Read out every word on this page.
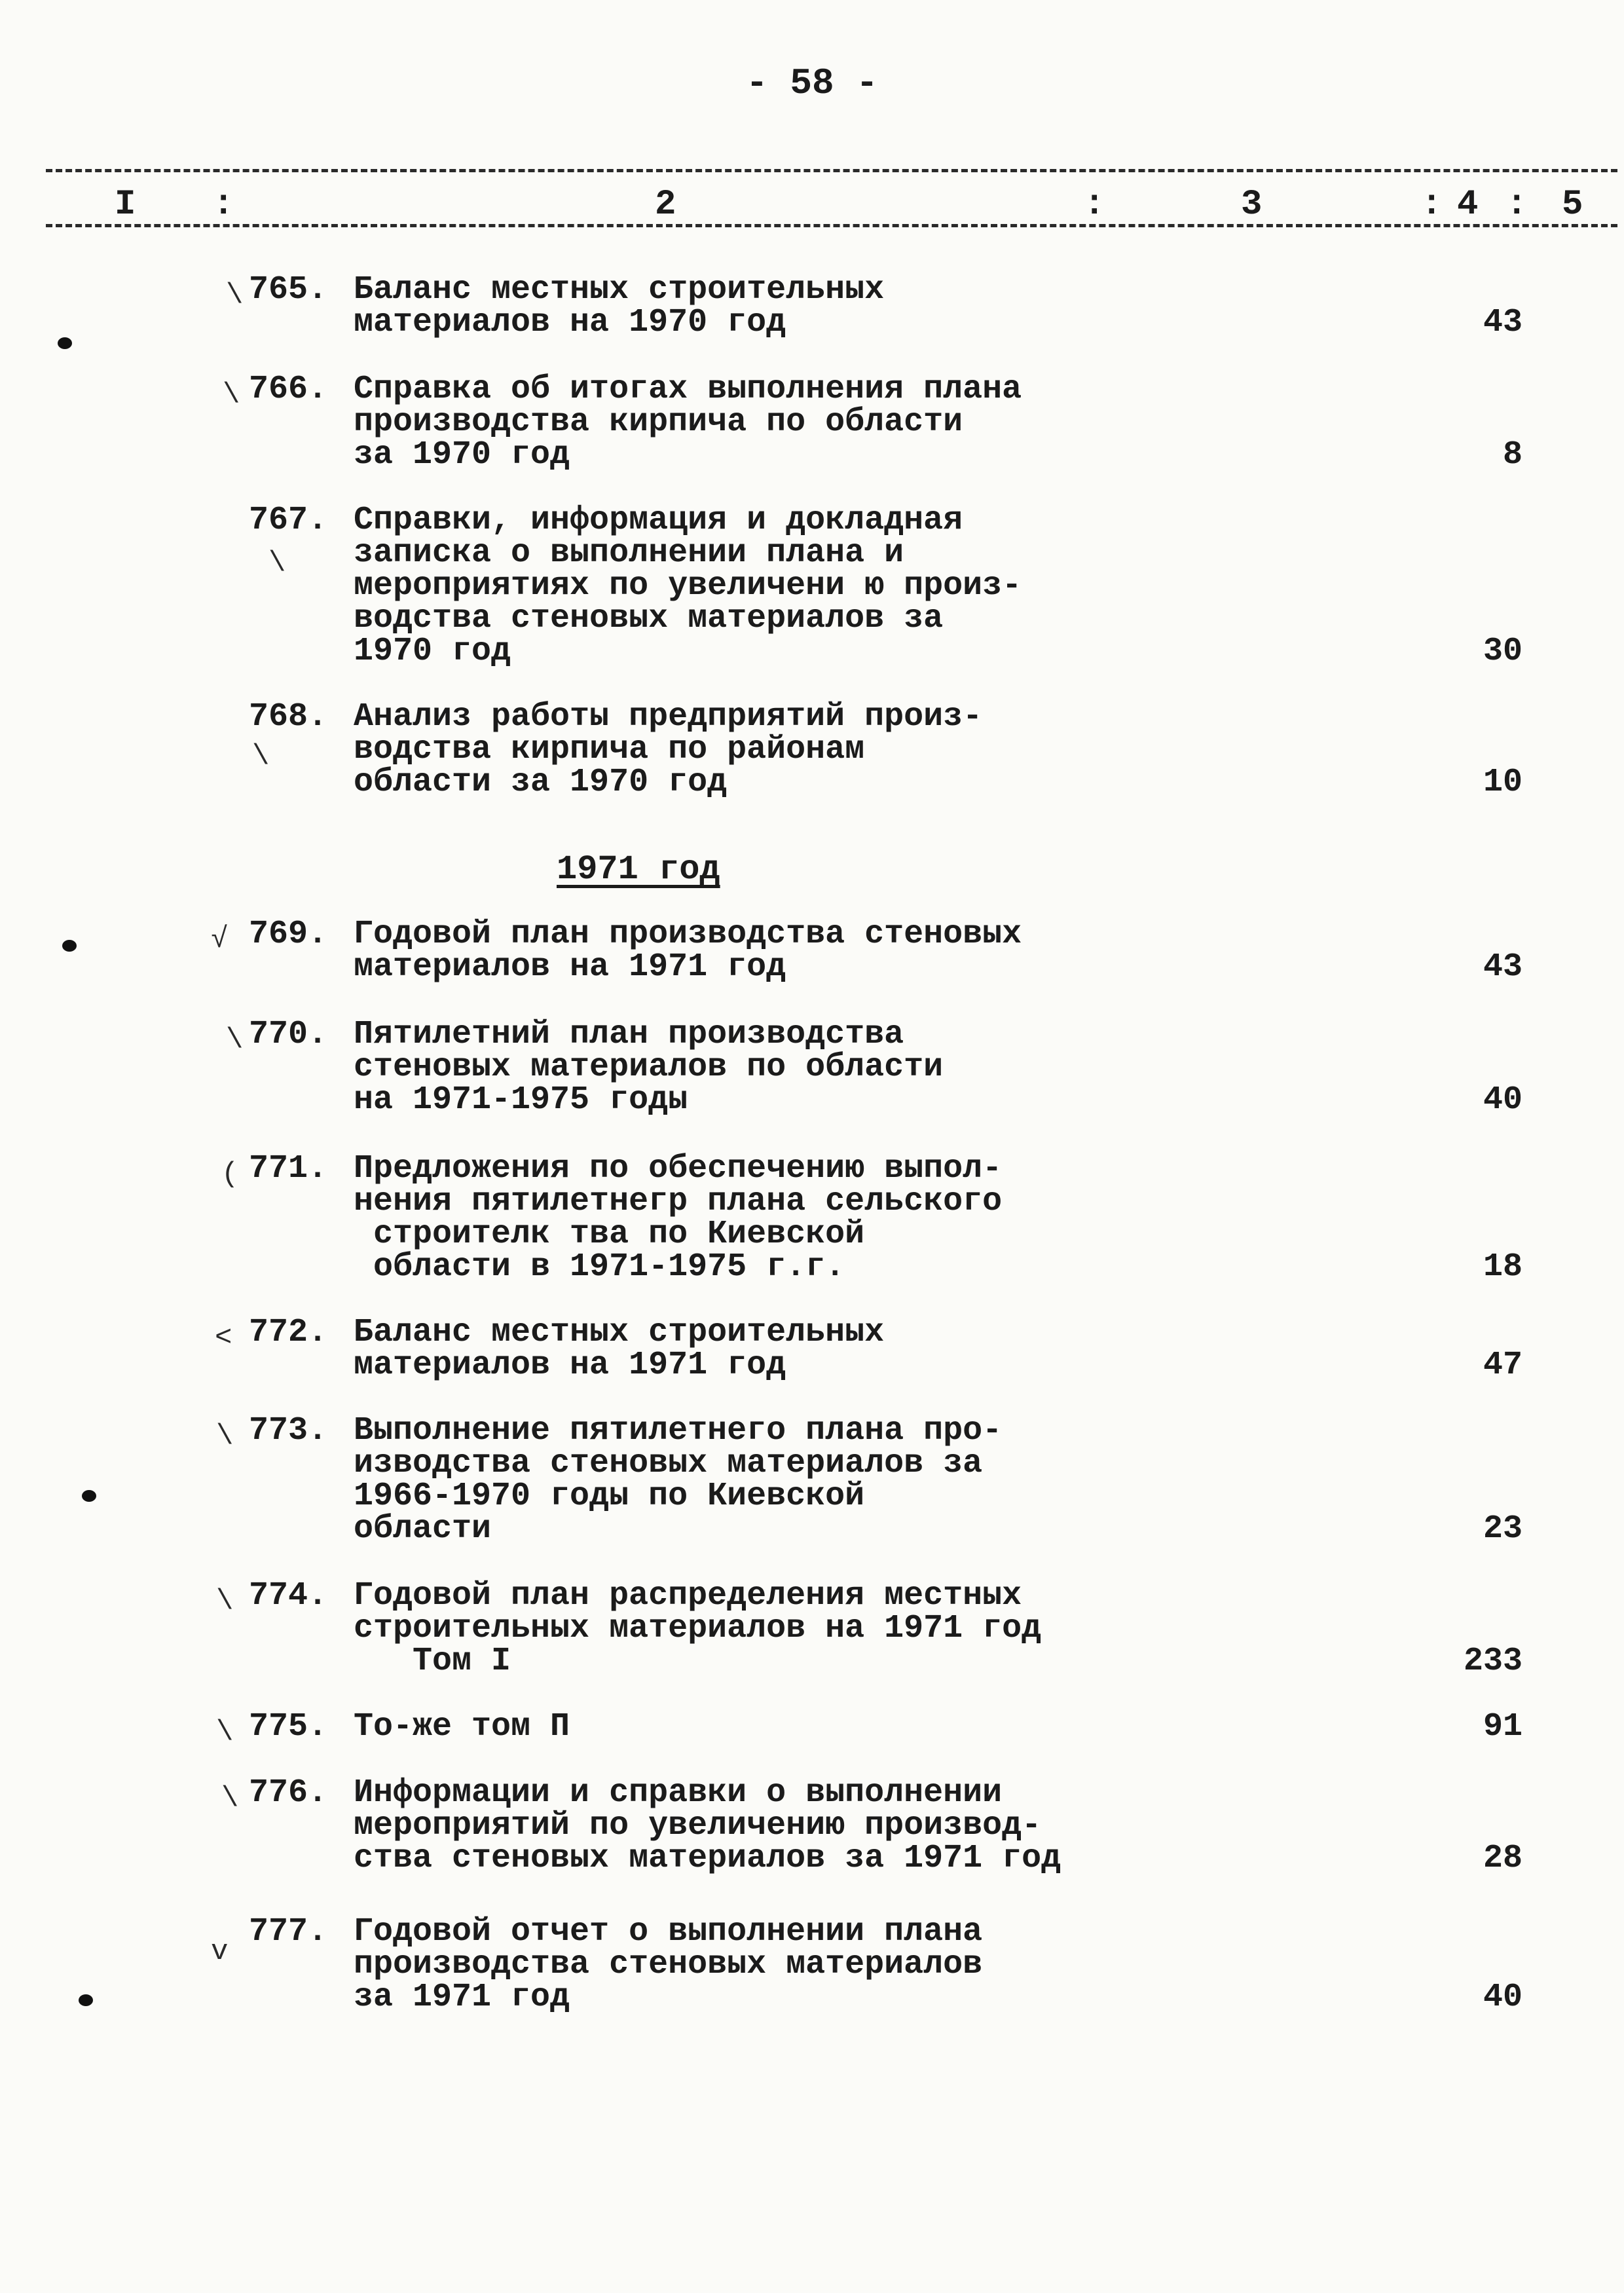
- 58 -
I :	2	:	3	: 4 : 5
\ 765. Баланс местных строительных
материалов на 1970 год	43
\ 766. Справка об итогах выполнения плана
производства кирпича по области
за 1970 год	8
\
767. Справки, информация и докладная
записка о выполнении плана и
мероприятиях по увеличени ю произ-
водства стеновых материалов за
1970 год	30
\
768. Анализ работы предприятий произ-
водства кирпича по районам
области за 1970 год	10
1971 год
√ 769. Годовой план производства стеновых
материалов на 1971 год	43
\ 770. Пятилетний план производства
стеновых материалов по области
на 1971-1975 годы	40
( 771. Предложения по обеспечению выпол-
нения пятилетнегр плана сельского
строителк тва по Киевской
области в 1971-1975 г.г.	18
< 772. Баланс местных строительных
материалов на 1971 год	47
\ 773. Выполнение пятилетнего плана про-
изводства стеновых материалов за
1966-1970 годы по Киевской
области	23
\ 774. Годовой план распределения местных
строительных материалов на 1971 год
Том I	233
\ 775. То-же том П	91
\ 776. Информации и справки о выполнении
мероприятий по увеличению производ-
ства стеновых материалов за 1971 год	28
v
777. Годовой отчет о выполнении плана
производства стеновых материалов
за 1971 год	40
